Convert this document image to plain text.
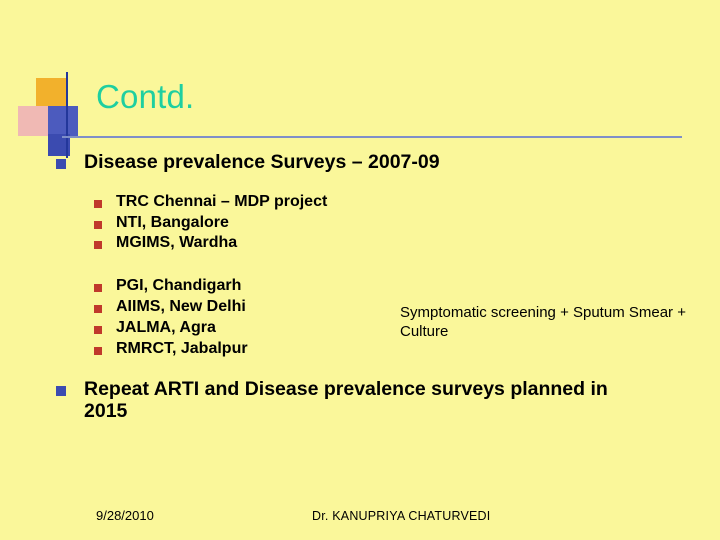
Contd.
Disease prevalence Surveys – 2007-09
TRC Chennai – MDP project
NTI, Bangalore
MGIMS, Wardha
PGI, Chandigarh
AIIMS, New Delhi
JALMA, Agra
RMRCT, Jabalpur
Repeat ARTI and Disease prevalence surveys planned in 2015
Symptomatic screening + Sputum Smear + Culture
9/28/2010	Dr. KANUPRIYA CHATURVEDI
